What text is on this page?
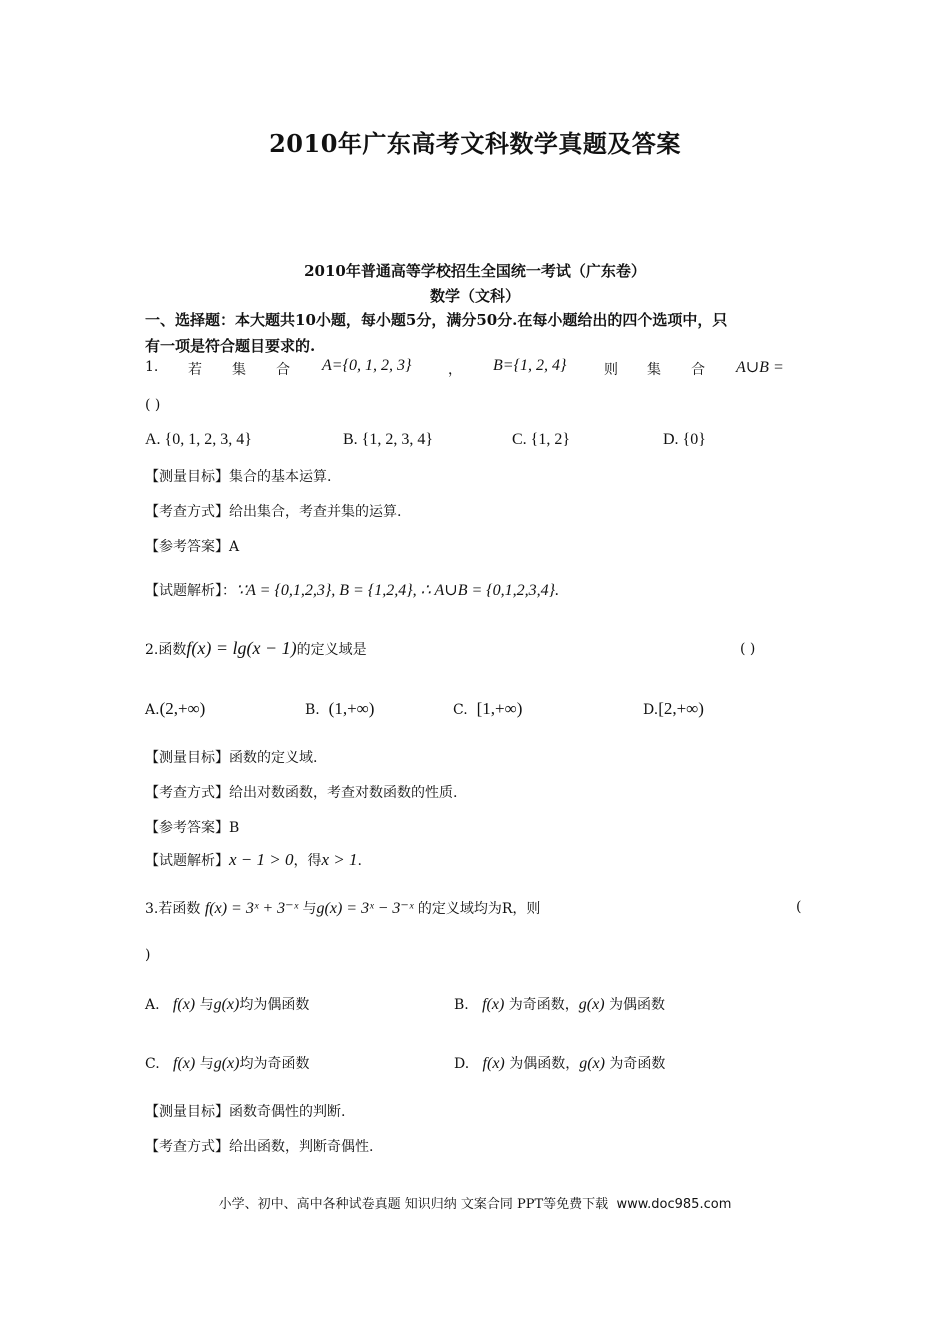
2010年广东高考文科数学真题及答案
2010年普通高等学校招生全国统一考试（广东卷）
数学（文科）
一、选择题：本大题共10小题，每小题5分，满分50分.在每小题给出的四个选项中，只
有一项是符合题目要求的.
1. 若 集 合 A={0, 1, 2, 3}	， B={1, 2, 4}	则 集 合 A∪B =
( )
A. {0, 1, 2, 3, 4}	B. {1, 2, 3, 4}	C. {1, 2}	D. {0}
【测量目标】集合的基本运算.
【考查方式】给出集合，考查并集的运算.
【参考答案】A
【试题解析】：∵A = {0,1,2,3}, B = {1,2,4}, ∴ A∪B = {0,1,2,3,4}.
2.函数f(x) = lg(x − 1)的定义域是	( )
A.(2,+∞)	B. (1,+∞)	C. [1,+∞)	D.[2,+∞)
【测量目标】函数的定义域.
【考查方式】给出对数函数，考查对数函数的性质.
【参考答案】B
【试题解析】x − 1 > 0，得x > 1.
3.若函数 f(x) = 3ˣ + 3⁻ˣ 与g(x) = 3ˣ − 3⁻ˣ 的定义域均为R，则	(
)
A. f(x) 与g(x)均为偶函数	B. f(x) 为奇函数，g(x) 为偶函数
C. f(x) 与g(x)均为奇函数	D. f(x) 为偶函数，g(x) 为奇函数
【测量目标】函数奇偶性的判断.
【考查方式】给出函数，判断奇偶性.
小学、初中、高中各种试卷真题 知识归纳 文案合同 PPT等免费下载 www.doc985.com
